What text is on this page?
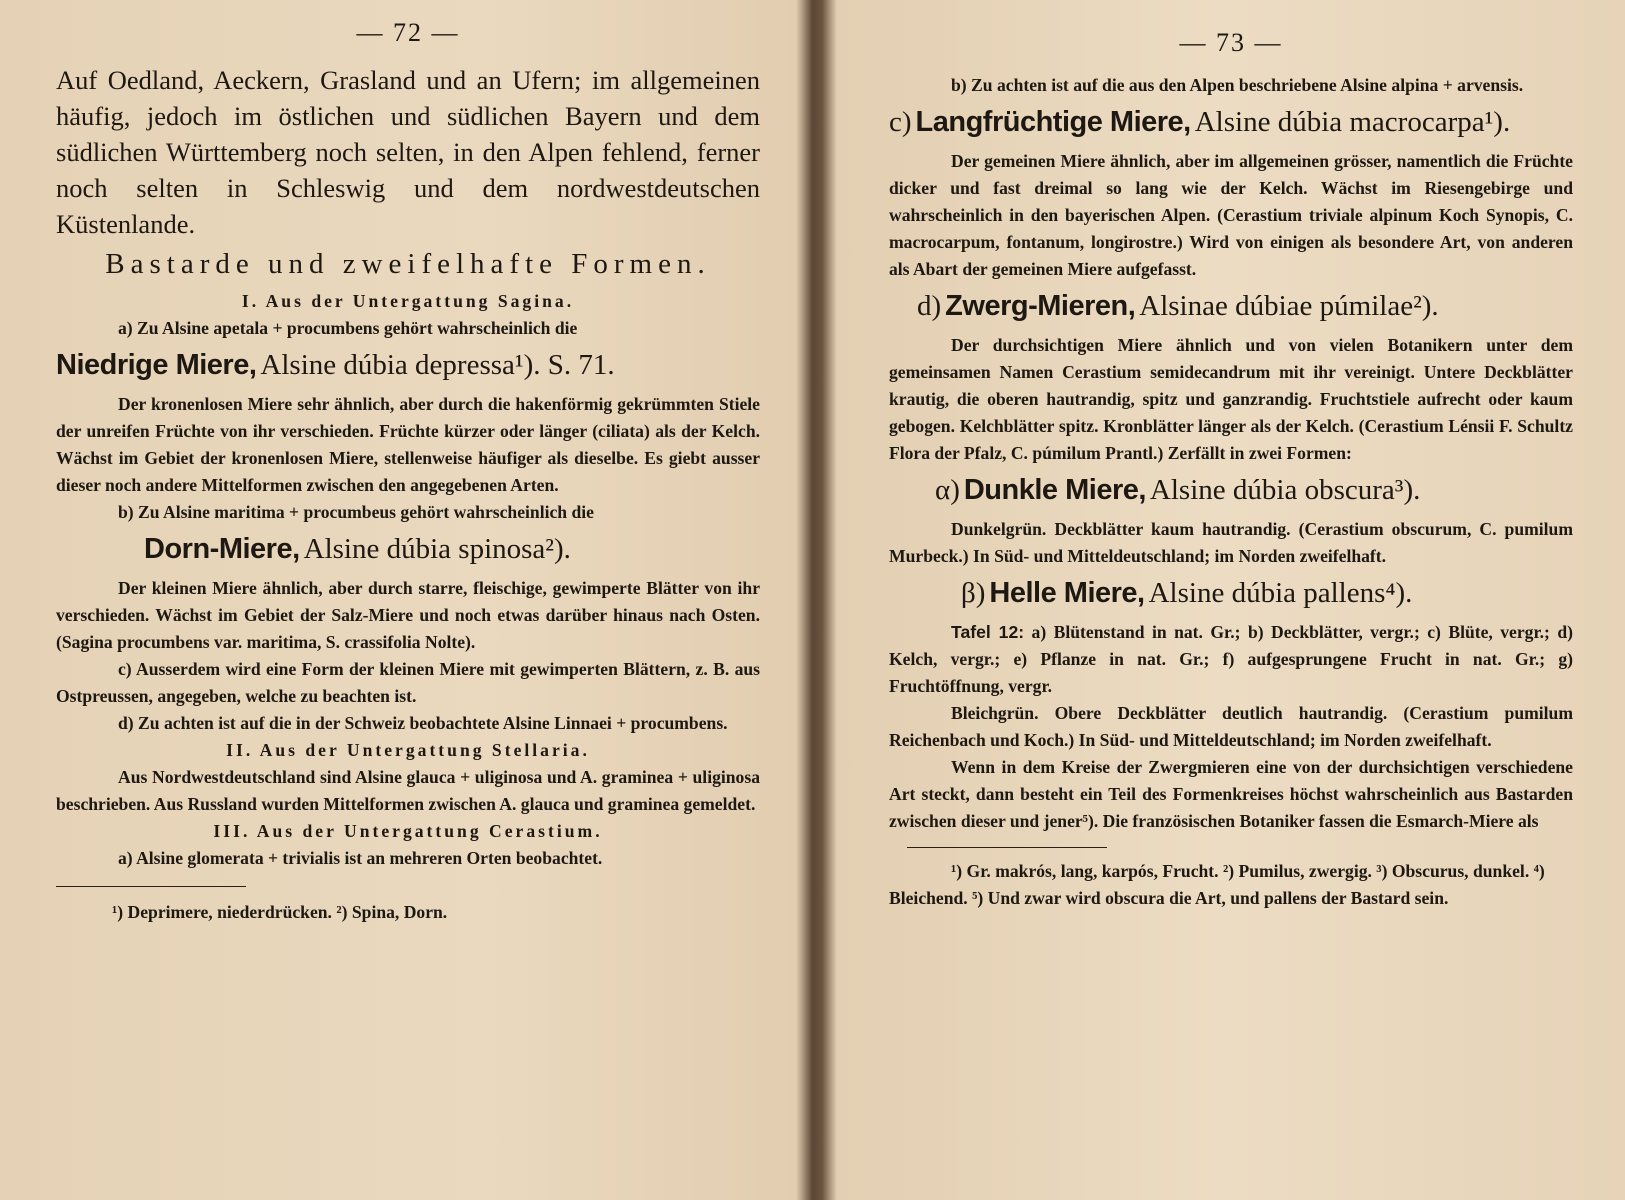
— 72 —
Auf Oedland, Aeckern, Grasland und an Ufern; im allgemeinen häufig, jedoch im östlichen und südlichen Bayern und dem südlichen Württemberg noch selten, in den Alpen fehlend, ferner noch selten in Schleswig und dem nordwestdeutschen Küstenlande.
Bastarde und zweifelhafte Formen.

I. Aus der Untergattung Sagina.

a) Zu Alsine apetala + procumbens gehört wahrscheinlich die

Niedrige Miere, Alsine dúbia depressa¹). S. 71.

Der kronenlosen Miere sehr ähnlich, aber durch die hakenförmig gekrümmten Stiele der unreifen Früchte von ihr verschieden. Früchte kürzer oder länger (ciliata) als der Kelch. Wächst im Gebiet der kronenlosen Miere, stellenweise häufiger als dieselbe. Es giebt ausser dieser noch andere Mittelformen zwischen den angegebenen Arten.

b) Zu Alsine maritima + procumbeus gehört wahrscheinlich die

Dorn-Miere, Alsine dúbia spinosa²).

Der kleinen Miere ähnlich, aber durch starre, fleischige, gewimperte Blätter von ihr verschieden. Wächst im Gebiet der Salz-Miere und noch etwas darüber hinaus nach Osten. (Sagina procumbens var. maritima, S. crassifolia Nolte).

c) Ausserdem wird eine Form der kleinen Miere mit gewimperten Blättern, z. B. aus Ostpreussen, angegeben, welche zu beachten ist.

d) Zu achten ist auf die in der Schweiz beobachtete Alsine Linnaei + procumbens.

II. Aus der Untergattung Stellaria.

Aus Nordwestdeutschland sind Alsine glauca + uliginosa und A. graminea + uliginosa beschrieben. Aus Russland wurden Mittelformen zwischen A. glauca und graminea gemeldet.

III. Aus der Untergattung Cerastium.

a) Alsine glomerata + trivialis ist an mehreren Orten beobachtet.

¹) Deprimere, niederdrücken. ²) Spina, Dorn.
— 73 —

b) Zu achten ist auf die aus den Alpen beschriebene Alsine alpina + arvensis.

c) Langfrüchtige Miere, Alsine dúbia macrocarpa¹).

Der gemeinen Miere ähnlich, aber im allgemeinen grösser, namentlich die Früchte dicker und fast dreimal so lang wie der Kelch. Wächst im Riesengebirge und wahrscheinlich in den bayerischen Alpen. (Cerastium triviale alpinum Koch Synopis, C. macrocarpum, fontanum, longirostre.) Wird von einigen als besondere Art, von anderen als Abart der gemeinen Miere aufgefasst.

d) Zwerg-Mieren, Alsinae dúbiae púmilae²).

Der durchsichtigen Miere ähnlich und von vielen Botanikern unter dem gemeinsamen Namen Cerastium semidecandrum mit ihr vereinigt. Untere Deckblätter krautig, die oberen hautrandig, spitz und ganzrandig. Fruchtstiele aufrecht oder kaum gebogen. Kelchblätter spitz. Kronblätter länger als der Kelch. (Cerastium Lénsii F. Schultz Flora der Pfalz, C. púmilum Prantl.) Zerfällt in zwei Formen:

α) Dunkle Miere, Alsine dúbia obscura³).

Dunkelgrün. Deckblätter kaum hautrandig. (Cerastium obscurum, C. pumilum Murbeck.) In Süd- und Mitteldeutschland; im Norden zweifelhaft.

β) Helle Miere, Alsine dúbia pallens⁴).

Tafel 12: a) Blütenstand in nat. Gr.; b) Deckblätter, vergr.; c) Blüte, vergr.; d) Kelch, vergr.; e) Pflanze in nat. Gr.; f) aufgesprungene Frucht in nat. Gr.; g) Fruchtöffnung, vergr.

Bleichgrün. Obere Deckblätter deutlich hautrandig. (Cerastium pumilum Reichenbach und Koch.) In Süd- und Mitteldeutschland; im Norden zweifelhaft.

Wenn in dem Kreise der Zwergmieren eine von der durchsichtigen verschiedene Art steckt, dann besteht ein Teil des Formenkreises höchst wahrscheinlich aus Bastarden zwischen dieser und jener⁵). Die französischen Botaniker fassen die Esmarch-Miere als

¹) Gr. makrós, lang, karpós, Frucht. ²) Pumilus, zwergig. ³) Obscurus, dunkel. ⁴) Bleichend. ⁵) Und zwar wird obscura die Art, und pallens der Bastard sein.
